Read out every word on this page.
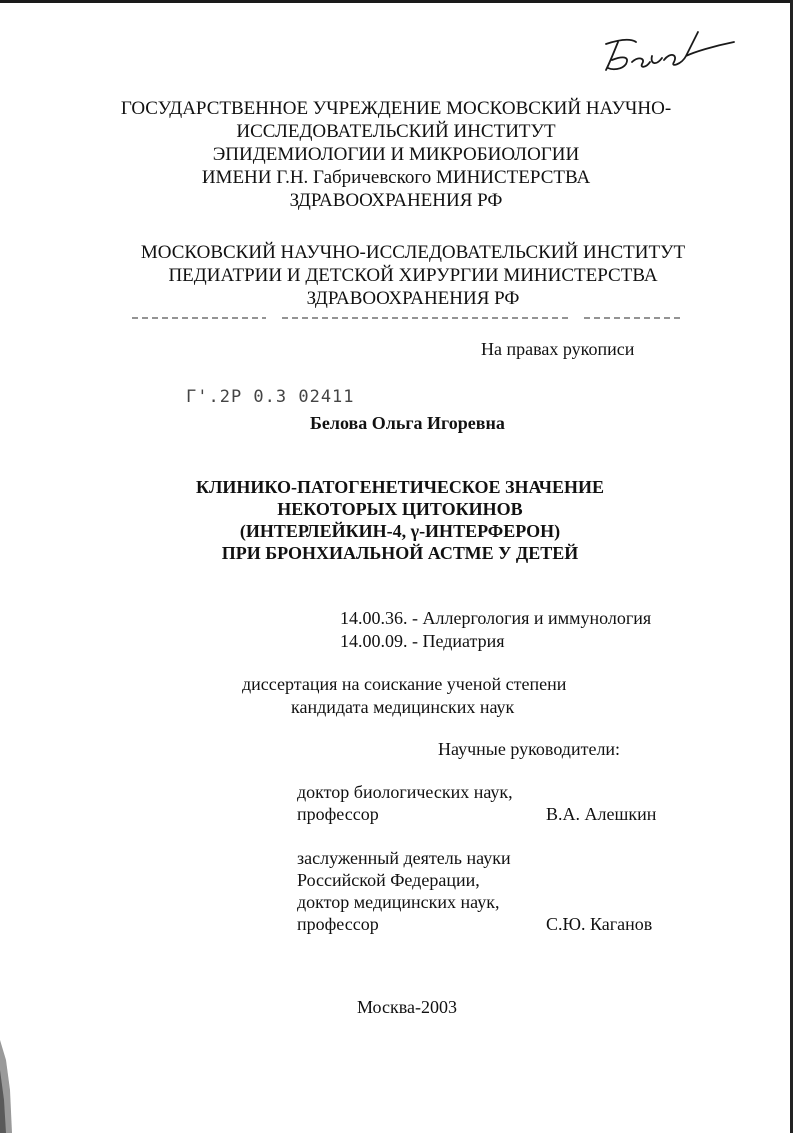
ГОСУДАРСТВЕННОЕ УЧРЕЖДЕНИЕ МОСКОВСКИЙ НАУЧНО-
ИССЛЕДОВАТЕЛЬСКИЙ ИНСТИТУТ
ЭПИДЕМИОЛОГИИ И МИКРОБИОЛОГИИ
ИМЕНИ Г.Н. Габричевского МИНИСТЕРСТВА
ЗДРАВООХРАНЕНИЯ РФ
МОСКОВСКИЙ НАУЧНО-ИССЛЕДОВАТЕЛЬСКИЙ ИНСТИТУТ
ПЕДИАТРИИ И ДЕТСКОЙ ХИРУРГИИ МИНИСТЕРСТВА
ЗДРАВООХРАНЕНИЯ РФ
На правах рукописи
Г'.2Р 0.3 02411
Белова Ольга Игоревна
КЛИНИКО-ПАТОГЕНЕТИЧЕСКОЕ ЗНАЧЕНИЕ
НЕКОТОРЫХ ЦИТОКИНОВ
(ИНТЕРЛЕЙКИН-4, γ-ИНТЕРФЕРОН)
ПРИ БРОНХИАЛЬНОЙ АСТМЕ У ДЕТЕЙ
14.00.36. - Аллергология и иммунология
14.00.09. - Педиатрия
диссертация на соискание ученой степени
кандидата медицинских наук
Научные руководители:
доктор биологических наук,
профессор	В.А. Алешкин
заслуженный деятель науки
Российской Федерации,
доктор медицинских наук,
профессор	С.Ю. Каганов
Москва-2003
